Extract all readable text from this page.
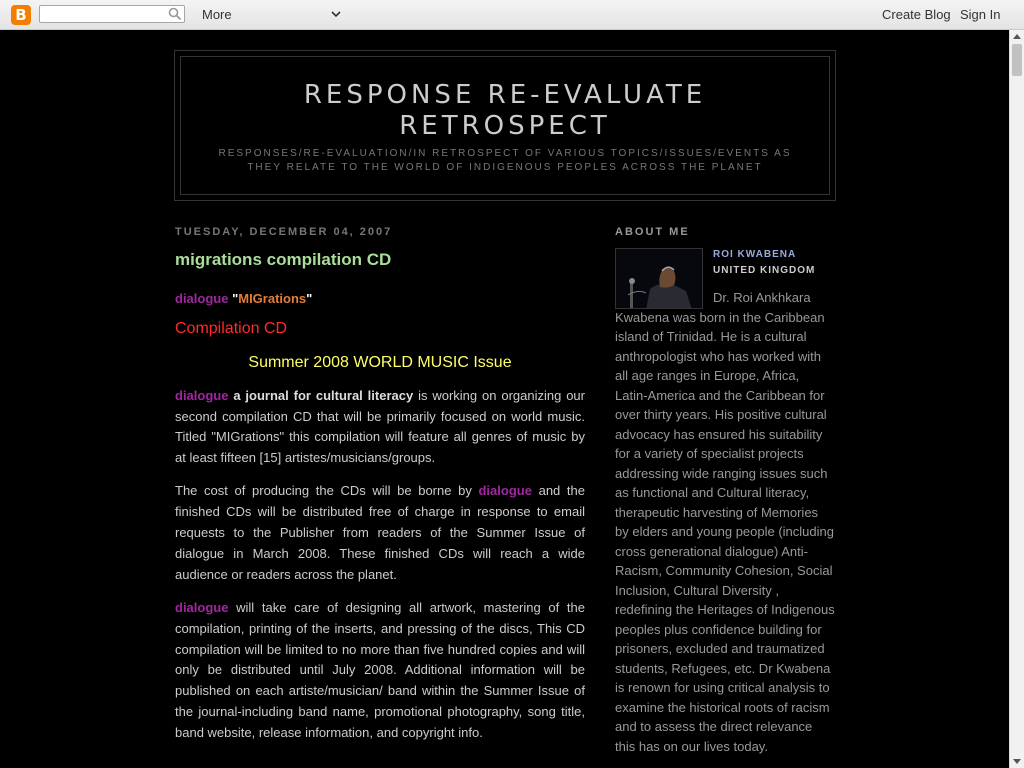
B	More	Create Blog Sign In
RESPONSE RE-EVALUATE
RETROSPECT
RESPONSES/RE-EVALUATION/IN RETROSPECT OF VARIOUS TOPICS/ISSUES/EVENTS AS THEY RELATE TO THE WORLD OF INDIGENOUS PEOPLES ACROSS THE PLANET
TUESDAY, DECEMBER 04, 2007
migrations compilation CD

dialogue "MIGrations"

Compilation CD

Summer 2008 WORLD MUSIC Issue

dialogue a journal for cultural literacy is working on organizing our second compilation CD that will be primarily focused on world music. Titled "MIGrations" this compilation will feature all genres of music by at least fifteen [15] artistes/musicians/groups.

The cost of producing the CDs will be borne by dialogue and the finished CDs will be distributed free of charge in response to email requests to the Publisher from readers of the Summer Issue of dialogue in March 2008. These finished CDs will reach a wide audience or readers across the planet.

dialogue will take care of designing all artwork, mastering of the compilation, printing of the inserts, and pressing of the discs, This CD compilation will be limited to no more than five hundred copies and will only be distributed until July 2008. Additional information will be published on each artiste/musician/ band within the Summer Issue of the journal-including band name, promotional photography, song title, band website, release information, and copyright info.

ABOUT ME
ROI KWABENA
UNITED KINGDOM
Dr. Roi Ankhkara Kwabena was born in the Caribbean island of Trinidad. He is a cultural anthropologist who has worked with all age ranges in Europe, Africa, Latin-America and the Caribbean for over thirty years. His positive cultural advocacy has ensured his suitability for a variety of specialist projects addressing wide ranging issues such as functional and Cultural literacy, therapeutic harvesting of Memories by elders and young people (including cross generational dialogue) Anti-Racism, Community Cohesion, Social Inclusion, Cultural Diversity , redefining the Heritages of Indigenous peoples plus confidence building for prisoners, excluded and traumatized students, Refugees, etc. Dr Kwabena is renown for using critical analysis to examine the historical roots of racism and to assess the direct relevance this has on our lives today.
